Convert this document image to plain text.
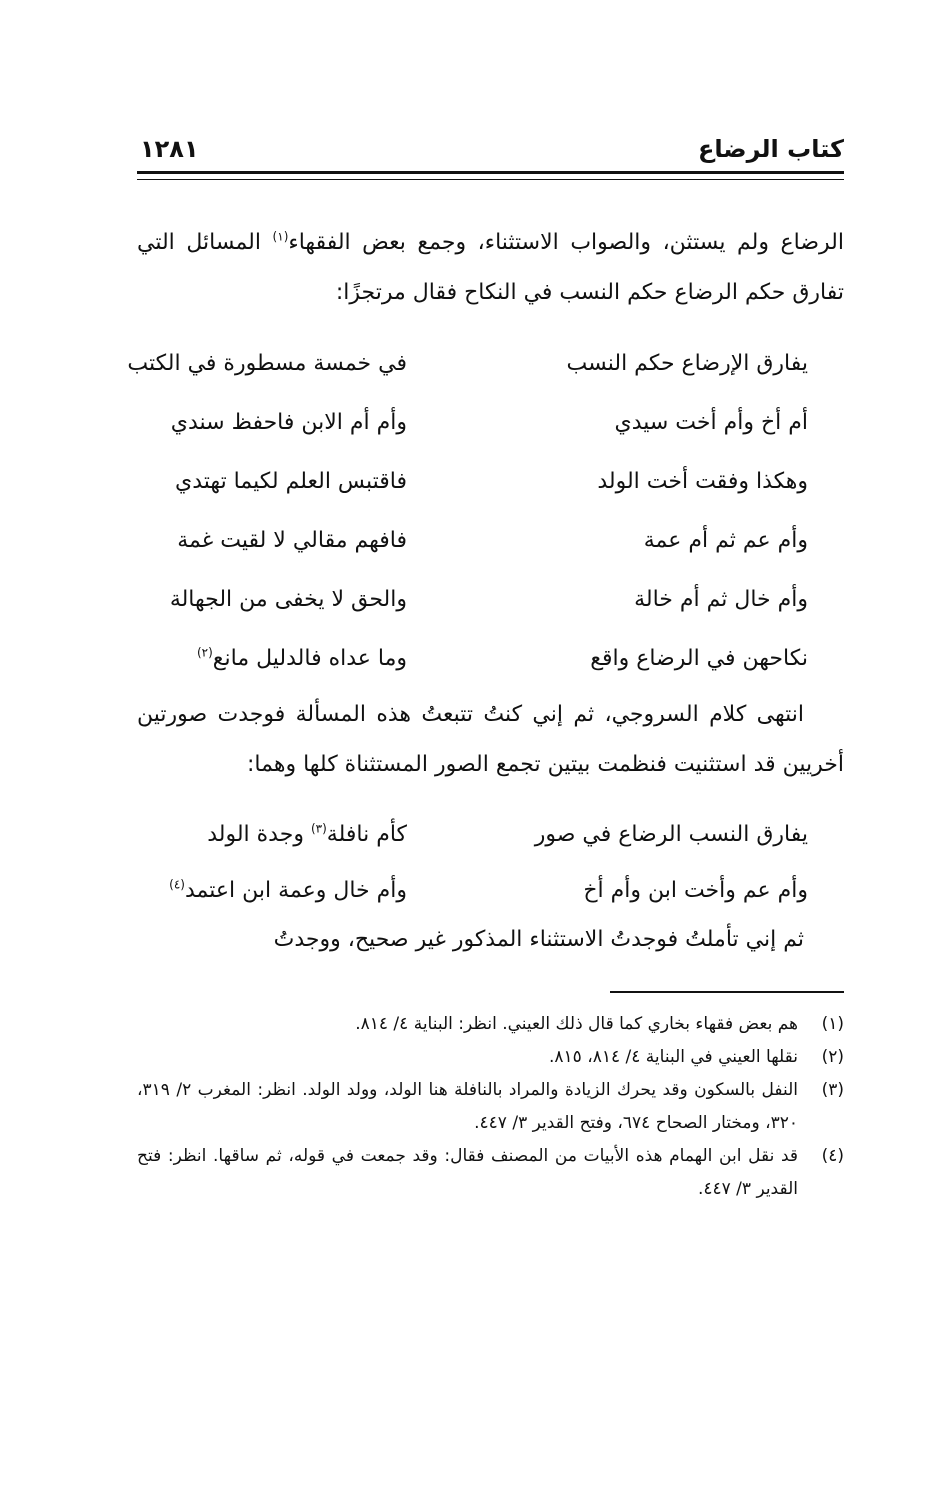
كتاب الرضاع
١٢٨١
الرضاع ولم يستثن، والصواب الاستثناء، وجمع بعض الفقهاء$^{(١)}$ المسائل التي تفارق حكم الرضاع حكم النسب في النكاح فقال مرتجزًا:
يفارق الإرضاع حكم النسب
في خمسة مسطورة في الكتب
أم أخ وأم أخت سيدي
وأم أم الابن فاحفظ سندي
وهكذا وفقت أخت الولد
فاقتبس العلم لكيما تهتدي
وأم عم ثم أم عمة
فافهم مقالي لا لقيت غمة
وأم خال ثم أم خالة
والحق لا يخفى من الجهالة
نكاحهن في الرضاع واقع
وما عداه فالدليل مانع$^{(٢)}$
انتهى كلام السروجي، ثم إني كنتُ تتبعتُ هذه المسألة فوجدت صورتين أخريين قد استثنيت فنظمت بيتين تجمع الصور المستثناة كلها وهما:
يفارق النسب الرضاع في صور
كأم نافلة$^{(٣)}$ وجدة الولد
وأم عم وأخت ابن وأم أخ
وأم خال وعمة ابن اعتمد$^{(٤)}$
ثم إني تأملتُ فوجدتُ الاستثناء المذكور غير صحيح، ووجدتُ
(١)
هم بعض فقهاء بخاري كما قال ذلك العيني. انظر: البناية ٤/ ٨١٤.
(٢)
نقلها العيني في البناية ٤/ ٨١٤، ٨١٥.
(٣)
النفل بالسكون وقد يحرك الزيادة والمراد بالنافلة هنا الولد، وولد الولد. انظر: المغرب ٢/ ٣١٩، ٣٢٠، ومختار الصحاح ٦٧٤، وفتح القدير ٣/ ٤٤٧.
(٤)
قد نقل ابن الهمام هذه الأبيات من المصنف فقال: وقد جمعت في قوله، ثم ساقها. انظر: فتح القدير ٣/ ٤٤٧.
